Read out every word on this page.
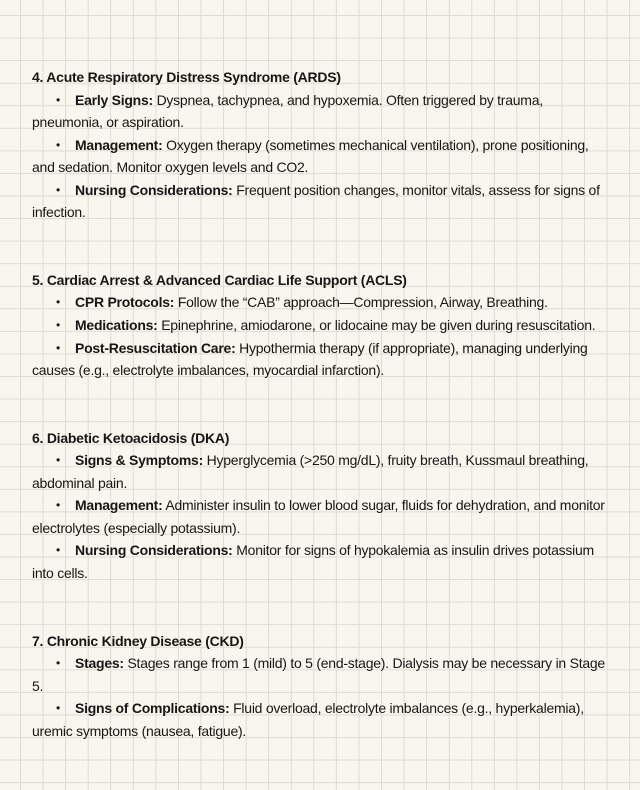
4. Acute Respiratory Distress Syndrome (ARDS)

• Early Signs: Dyspnea, tachypnea, and hypoxemia. Often triggered by trauma, pneumonia, or aspiration.

• Management: Oxygen therapy (sometimes mechanical ventilation), prone positioning, and sedation. Monitor oxygen levels and CO2.

• Nursing Considerations: Frequent position changes, monitor vitals, assess for signs of infection.

5. Cardiac Arrest & Advanced Cardiac Life Support (ACLS)

• CPR Protocols: Follow the “CAB” approach—Compression, Airway, Breathing.

• Medications: Epinephrine, amiodarone, or lidocaine may be given during resuscitation.

• Post-Resuscitation Care: Hypothermia therapy (if appropriate), managing underlying causes (e.g., electrolyte imbalances, myocardial infarction).

6. Diabetic Ketoacidosis (DKA)

• Signs & Symptoms: Hyperglycemia (>250 mg/dL), fruity breath, Kussmaul breathing, abdominal pain.

• Management: Administer insulin to lower blood sugar, fluids for dehydration, and monitor electrolytes (especially potassium).

• Nursing Considerations: Monitor for signs of hypokalemia as insulin drives potassium into cells.

7. Chronic Kidney Disease (CKD)

• Stages: Stages range from 1 (mild) to 5 (end-stage). Dialysis may be necessary in Stage 5.

• Signs of Complications: Fluid overload, electrolyte imbalances (e.g., hyperkalemia), uremic symptoms (nausea, fatigue).
